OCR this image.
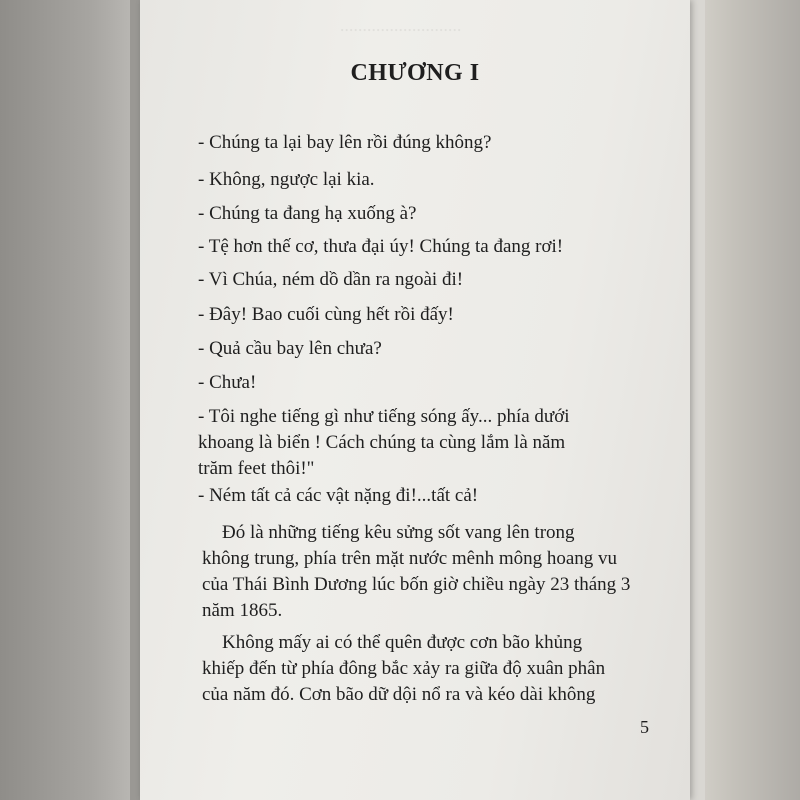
∙∙∙∙∙∙∙∙∙∙∙∙∙∙∙∙∙∙∙∙∙∙∙∙∙∙∙
CHƯƠNG I
- Chúng ta lại bay lên rồi đúng không?
- Không, ngược lại kia.
- Chúng ta đang hạ xuống à?
- Tệ hơn thế cơ, thưa đại úy! Chúng ta đang rơi!
- Vì Chúa, ném dồ dần ra ngoài đi!
- Đây! Bao cuối cùng hết rồi đấy!
- Quả cầu bay lên chưa?
- Chưa!
- Tôi nghe tiếng gì như tiếng sóng ấy... phía dưới
khoang là biển ! Cách chúng ta cùng lắm là năm
trăm feet thôi!"
- Ném tất cả các vật nặng đi!...tất cả!
Đó là những tiếng kêu sửng sốt vang lên trong
không trung, phía trên mặt nước mênh mông hoang vu
của Thái Bình Dương lúc bốn giờ chiều ngày 23 tháng 3
năm 1865.
Không mấy ai có thể quên được cơn bão khủng
khiếp đến từ phía đông bắc xảy ra giữa độ xuân phân
của năm đó. Cơn bão dữ dội nổ ra và kéo dài không
5
